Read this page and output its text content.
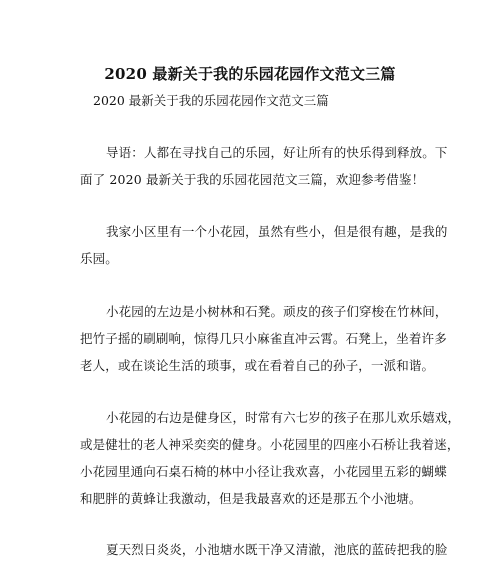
2020 最新关于我的乐园花园作文范文三篇
2020 最新关于我的乐园花园作文范文三篇
导语：人都在寻找自己的乐园，好让所有的快乐得到释放。下
面了 2020 最新关于我的乐园花园范文三篇，欢迎参考借鉴！
我家小区里有一个小花园，虽然有些小，但是很有趣，是我的
乐园。
小花园的左边是小树林和石凳。顽皮的孩子们穿梭在竹林间，
把竹子摇的刷刷响，惊得几只小麻雀直冲云霄。石凳上，坐着许多
老人，或在谈论生活的琐事，或在看着自己的孙子，一派和谐。
小花园的右边是健身区，时常有六七岁的孩子在那儿欢乐嬉戏，
或是健壮的老人神采奕奕的健身。小花园里的四座小石桥让我着迷，
小花园里通向石桌石椅的林中小径让我欢喜，小花园里五彩的蝴蝶
和肥胖的黄蜂让我激动，但是我最喜欢的还是那五个小池塘。
夏天烈日炎炎，小池塘水既干净又清澈，池底的蓝砖把我的脸
